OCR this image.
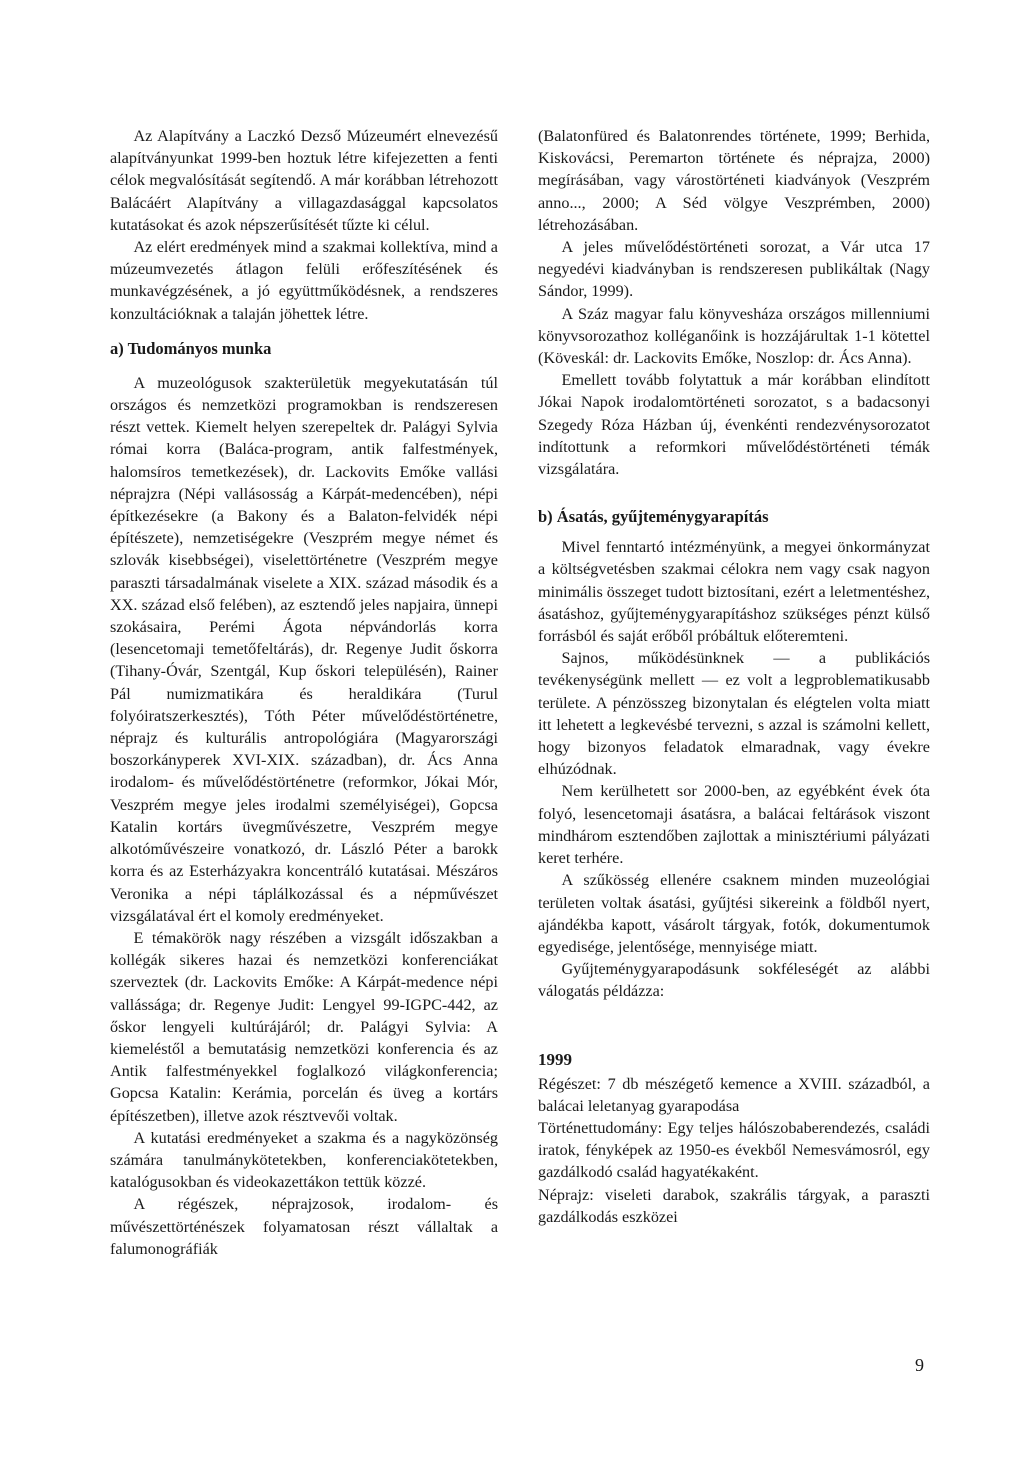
Az Alapítvány a Laczkó Dezső Múzeumért elnevezésű alapítványunkat 1999-ben hoztuk létre kifejezetten a fenti célok megvalósítását segítendő. A már korábban létrehozott Balácáért Alapítvány a villagazdasággal kapcsolatos kutatásokat és azok népszerűsítését tűzte ki célul.

Az elért eredmények mind a szakmai kollektíva, mind a múzeumvezetés átlagon felüli erőfeszítésének és munkavégzésének, a jó együttműködésnek, a rendszeres konzultációknak a talaján jöhettek létre.

a) Tudományos munka

A muzeológusok szakterületük megyekutatásán túl országos és nemzetközi programokban is rendszeresen részt vettek. Kiemelt helyen szerepeltek dr. Palágyi Sylvia római korra (Baláca-program, antik falfestmények, halomsíros temetkezések), dr. Lackovits Emőke vallási néprajzra (Népi vallásosság a Kárpát-medencében), népi építkezésekre (a Bakony és a Balaton-felvidék népi építészete), nemzetiségekre (Veszprém megye német és szlovák kisebbségei), viselettörténetre (Veszprém megye paraszti társadalmának viselete a XIX. század második és a XX. század első felében), az esztendő jeles napjaira, ünnepi szokásaira, Perémi Ágota népvándorlás korra (lesencetomaji temetőfeltárás), dr. Regenye Judit őskorra (Tihany-Óvár, Szentgál, Kup őskori településén), Rainer Pál numizmatikára és heraldikára (Turul folyóiratszerkesztés), Tóth Péter művelődéstörténetre, néprajz és kulturális antropológiára (Magyarországi boszorkányperek XVI-XIX. században), dr. Ács Anna irodalom- és művelődéstörténetre (reformkor, Jókai Mór, Veszprém megye jeles irodalmi személyiségei), Gopcsa Katalin kortárs üvegművészetre, Veszprém megye alkotóművészeire vonatkozó, dr. László Péter a barokk korra és az Esterházyakra koncentráló kutatásai. Mészáros Veronika a népi táplálkozással és a népművészet vizsgálatával ért el komoly eredményeket.

E témakörök nagy részében a vizsgált időszakban a kollégák sikeres hazai és nemzetközi konferenciákat szerveztek (dr. Lackovits Emőke: A Kárpát-medence népi vallássága; dr. Regenye Judit: Lengyel 99-IGPC-442, az őskor lengyeli kultúrájáról; dr. Palágyi Sylvia: A kiemeléstől a bemutatásig nemzetközi konferencia és az Antik falfestményekkel foglalkozó világkonferencia; Gopcsa Katalin: Kerámia, porcelán és üveg a kortárs építészetben), illetve azok résztvevői voltak.

A kutatási eredményeket a szakma és a nagyközönség számára tanulmánykötetekben, konferenciakötetekben, katalógusokban és videokazettákon tettük közzé.

A régészek, néprajzosok, irodalom- és művészettörténészek folyamatosan részt vállaltak a falumonográfiák

(Balatonfüred és Balatonrendes története, 1999; Berhida, Kiskovácsi, Peremarton története és néprajza, 2000) megírásában, vagy várostörténeti kiadványok (Veszprém anno..., 2000; A Séd völgye Veszprémben, 2000) létrehozásában.

A jeles művelődéstörténeti sorozat, a Vár utca 17 negyedévi kiadványban is rendszeresen publikáltak (Nagy Sándor, 1999).

A Száz magyar falu könyvesháza országos millenniumi könyvsorozathoz kolléganőink is hozzájárultak 1-1 kötettel (Köveskál: dr. Lackovits Emőke, Noszlop: dr. Ács Anna).

Emellett tovább folytattuk a már korábban elindított Jókai Napok irodalomtörténeti sorozatot, s a badacsonyi Szegedy Róza Házban új, évenkénti rendezvénysorozatot indítottunk a reformkori művelődéstörténeti témák vizsgálatára.

b) Ásatás, gyűjteménygyarapítás

Mivel fenntartó intézményünk, a megyei önkormányzat a költségvetésben szakmai célokra nem vagy csak nagyon minimális összeget tudott biztosítani, ezért a leletmentéshez, ásatáshoz, gyűjteménygyarapításhoz szükséges pénzt külső forrásból és saját erőből próbáltuk előteremteni.

Sajnos, működésünknek — a publikációs tevékenységünk mellett — ez volt a legproblematikusabb területe. A pénzösszeg bizonytalan és elégtelen volta miatt itt lehetett a legkevésbé tervezni, s azzal is számolni kellett, hogy bizonyos feladatok elmaradnak, vagy évekre elhúzódnak.

Nem kerülhetett sor 2000-ben, az egyébként évek óta folyó, lesencetomaji ásatásra, a balácai feltárások viszont mindhárom esztendőben zajlottak a minisztériumi pályázati keret terhére.

A szűkösség ellenére csaknem minden muzeológiai területen voltak ásatási, gyűjtési sikereink a földből nyert, ajándékba kapott, vásárolt tárgyak, fotók, dokumentumok egyedisége, jelentősége, mennyisége miatt.

Gyűjteménygyarapodásunk sokféleségét az alábbi válogatás példázza:

1999

Régészet: 7 db mészégető kemence a XVIII. századból, a balácai leletanyag gyarapodása

Történettudomány: Egy teljes hálószobaberendezés, családi iratok, fényképek az 1950-es évekből Nemesvámosról, egy gazdálkodó család hagyatékaként.

Néprajz: viseleti darabok, szakrális tárgyak, a paraszti gazdálkodás eszközei

9
